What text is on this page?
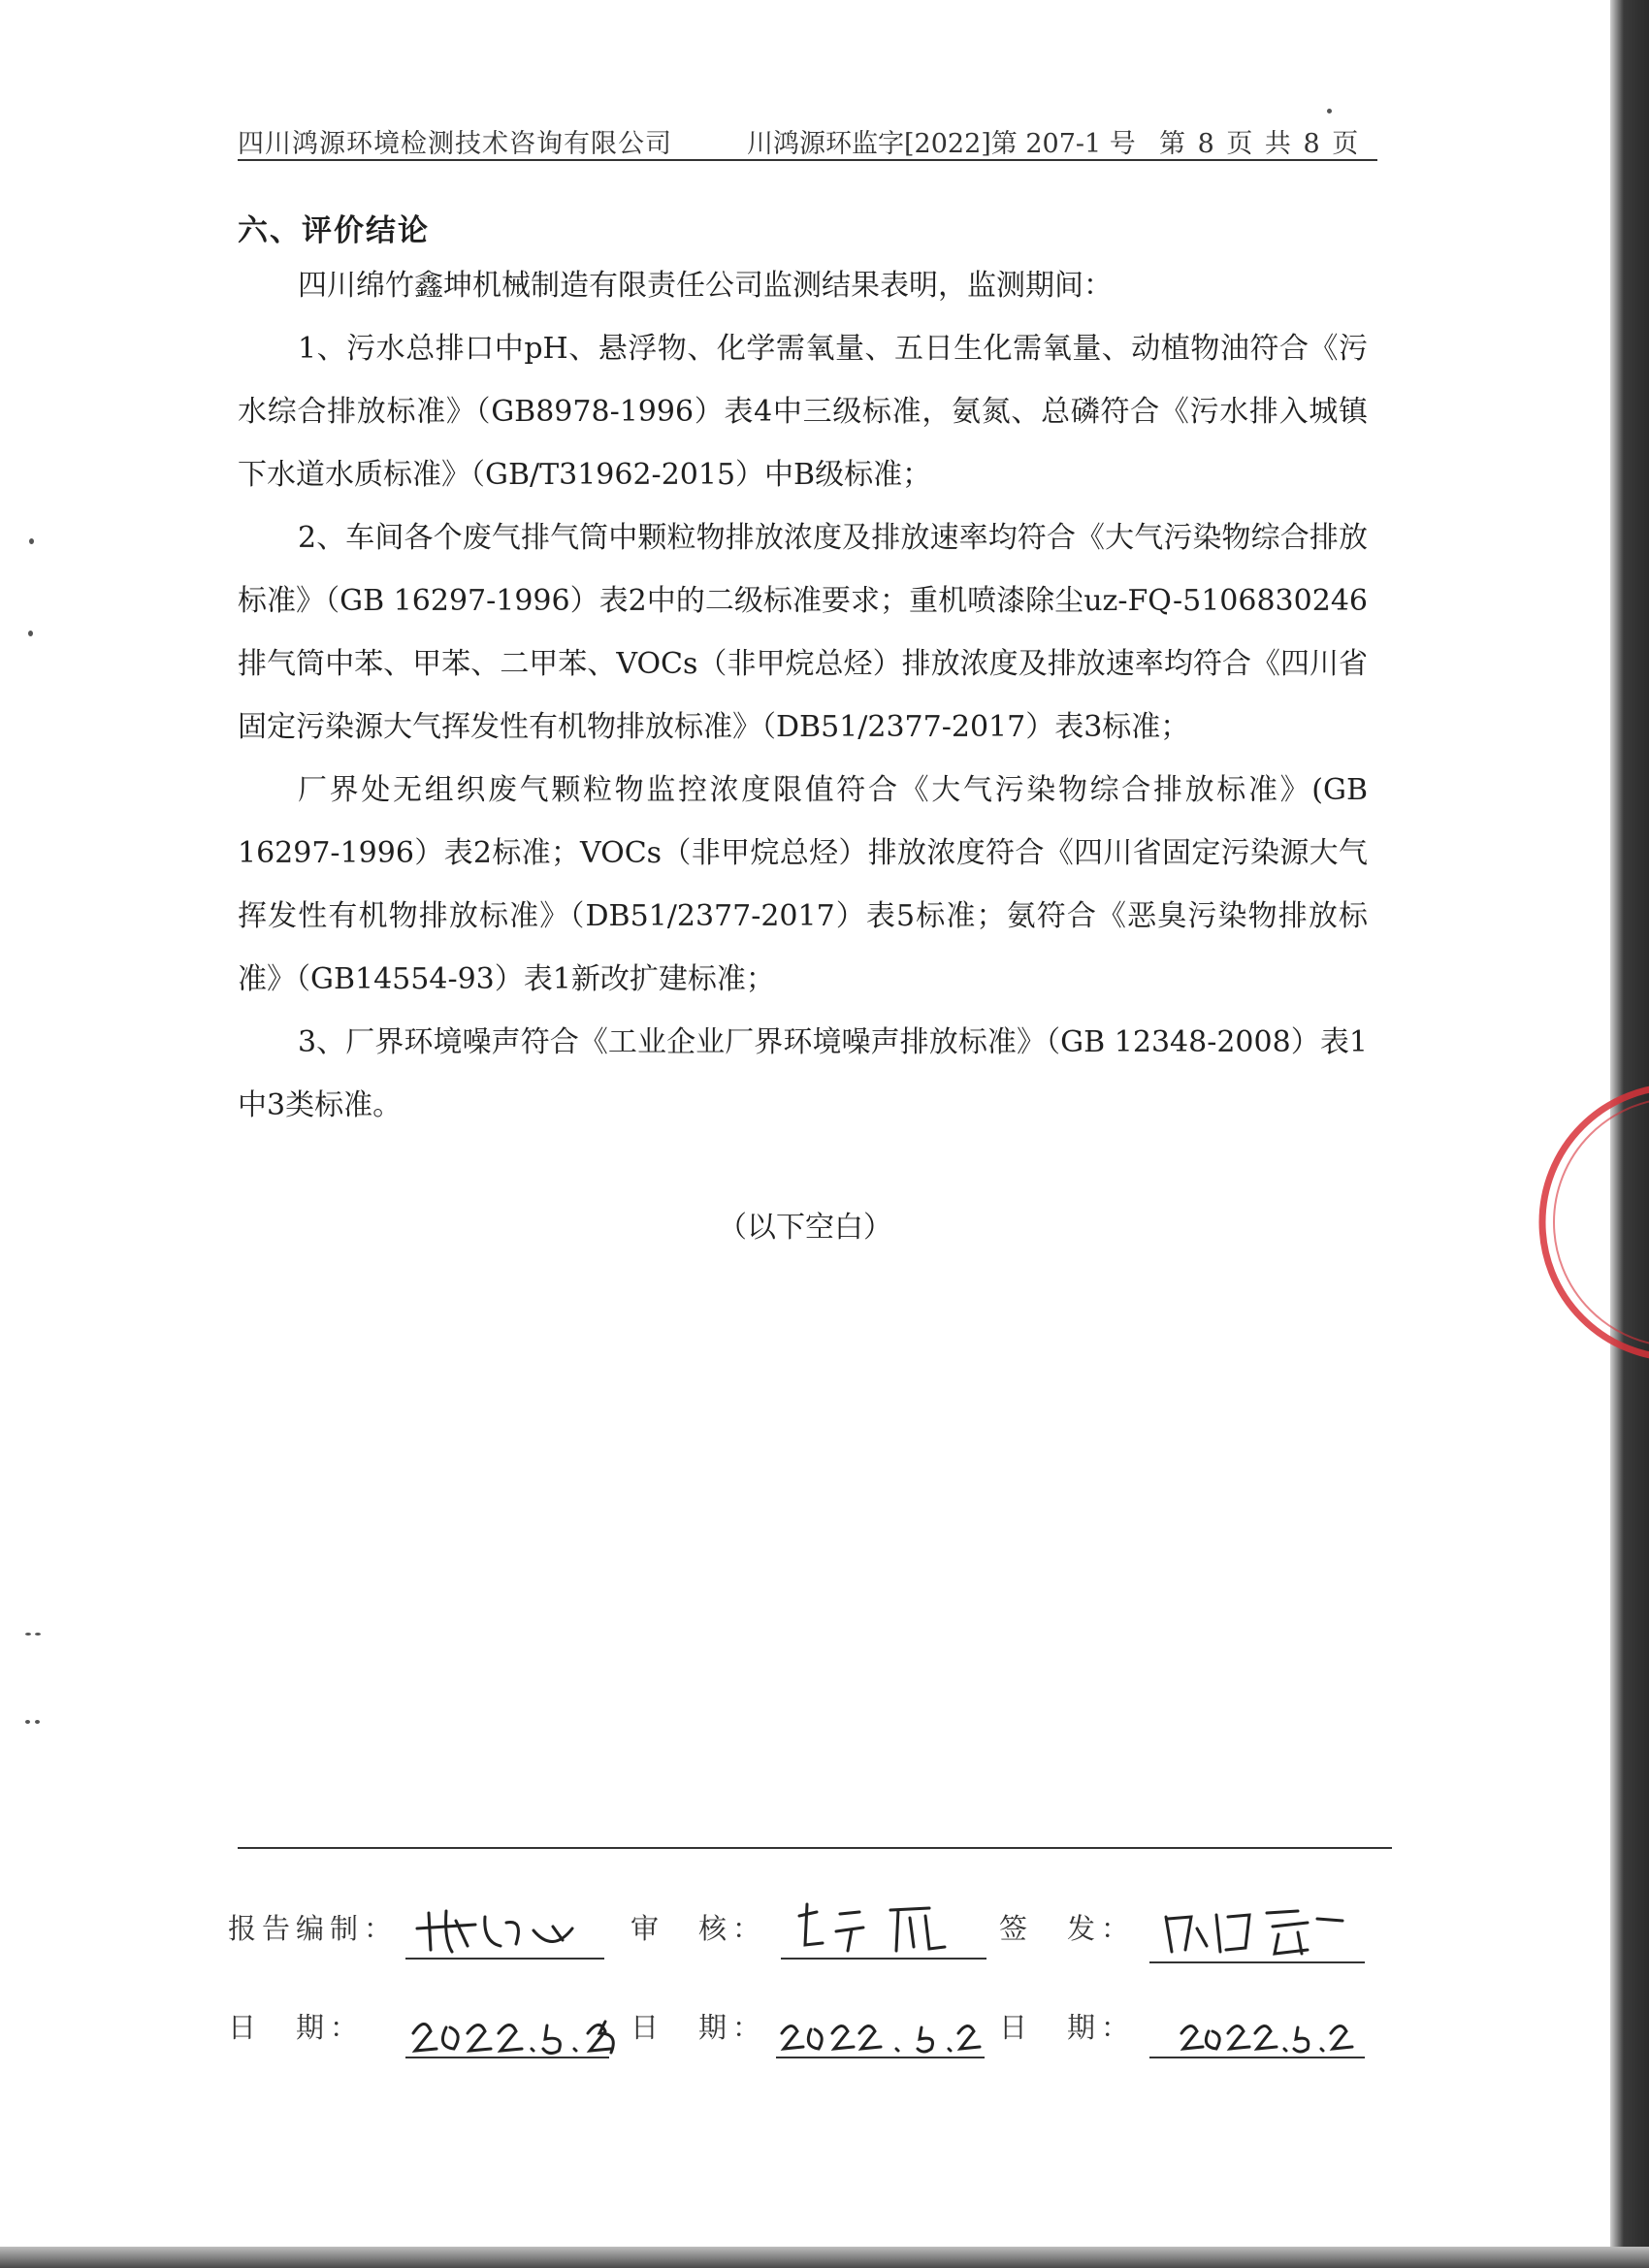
四川鸿源环境检测技术咨询有限公司	川鸿源环监字[2022]第 207-1 号 第 8 页 共 8 页
六、评价结论

四川绵竹鑫坤机械制造有限责任公司监测结果表明，监测期间：

1、污水总排口中pH、悬浮物、化学需氧量、五日生化需氧量、动植物油符合《污水综合排放标准》（GB8978-1996）表4中三级标准，氨氮、总磷符合《污水排入城镇下水道水质标准》（GB/T31962-2015）中B级标准；

2、车间各个废气排气筒中颗粒物排放浓度及排放速率均符合《大气污染物综合排放标准》（GB 16297-1996）表2中的二级标准要求；重机喷漆除尘uz-FQ-5106830246排气筒中苯、甲苯、二甲苯、VOCs（非甲烷总烃）排放浓度及排放速率均符合《四川省固定污染源大气挥发性有机物排放标准》（DB51/2377-2017）表3标准；

厂界处无组织废气颗粒物监控浓度限值符合《大气污染物综合排放标准》(GB 16297-1996）表2标准；VOCs（非甲烷总烃）排放浓度符合《四川省固定污染源大气挥发性有机物排放标准》（DB51/2377-2017）表5标准；氨符合《恶臭污染物排放标准》（GB14554-93）表1新改扩建标准；

3、厂界环境噪声符合《工业企业厂界环境噪声排放标准》（GB 12348-2008）表1中3类标准。

（以下空白）
报告编制：	审　核：	签　发：
日　期：	日　期：	日　期：
